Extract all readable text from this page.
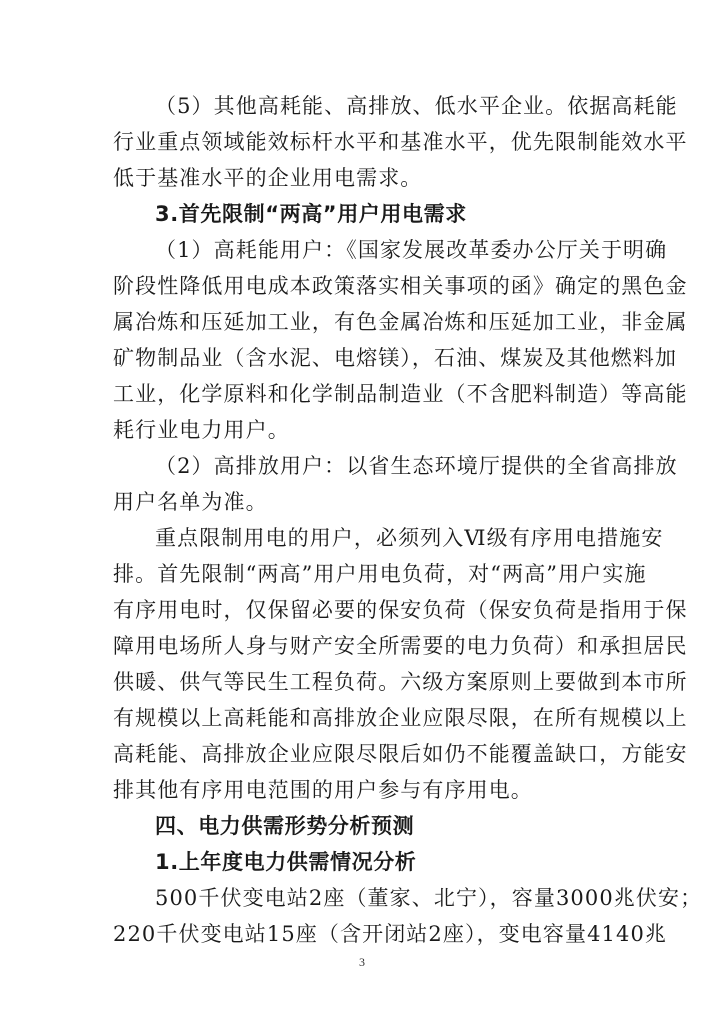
（5）其他高耗能、高排放、低水平企业。依据高耗能
行业重点领域能效标杆水平和基准水平，优先限制能效水平
低于基准水平的企业用电需求。
3.首先限制“两高”用户用电需求
（1）高耗能用户：《国家发展改革委办公厅关于明确
阶段性降低用电成本政策落实相关事项的函》确定的黑色金
属冶炼和压延加工业，有色金属冶炼和压延加工业，非金属
矿物制品业（含水泥、电熔镁），石油、煤炭及其他燃料加
工业，化学原料和化学制品制造业（不含肥料制造）等高能
耗行业电力用户。
（2）高排放用户：以省生态环境厅提供的全省高排放
用户名单为准。
重点限制用电的用户，必须列入Ⅵ级有序用电措施安
排。首先限制“两高”用户用电负荷，对“两高”用户实施
有序用电时，仅保留必要的保安负荷（保安负荷是指用于保
障用电场所人身与财产安全所需要的电力负荷）和承担居民
供暖、供气等民生工程负荷。六级方案原则上要做到本市所
有规模以上高耗能和高排放企业应限尽限，在所有规模以上
高耗能、高排放企业应限尽限后如仍不能覆盖缺口，方能安
排其他有序用电范围的用户参与有序用电。
四、电力供需形势分析预测
1.上年度电力供需情况分析
500千伏变电站2座（董家、北宁），容量3000兆伏安；
220千伏变电站15座（含开闭站2座），变电容量4140兆
3
